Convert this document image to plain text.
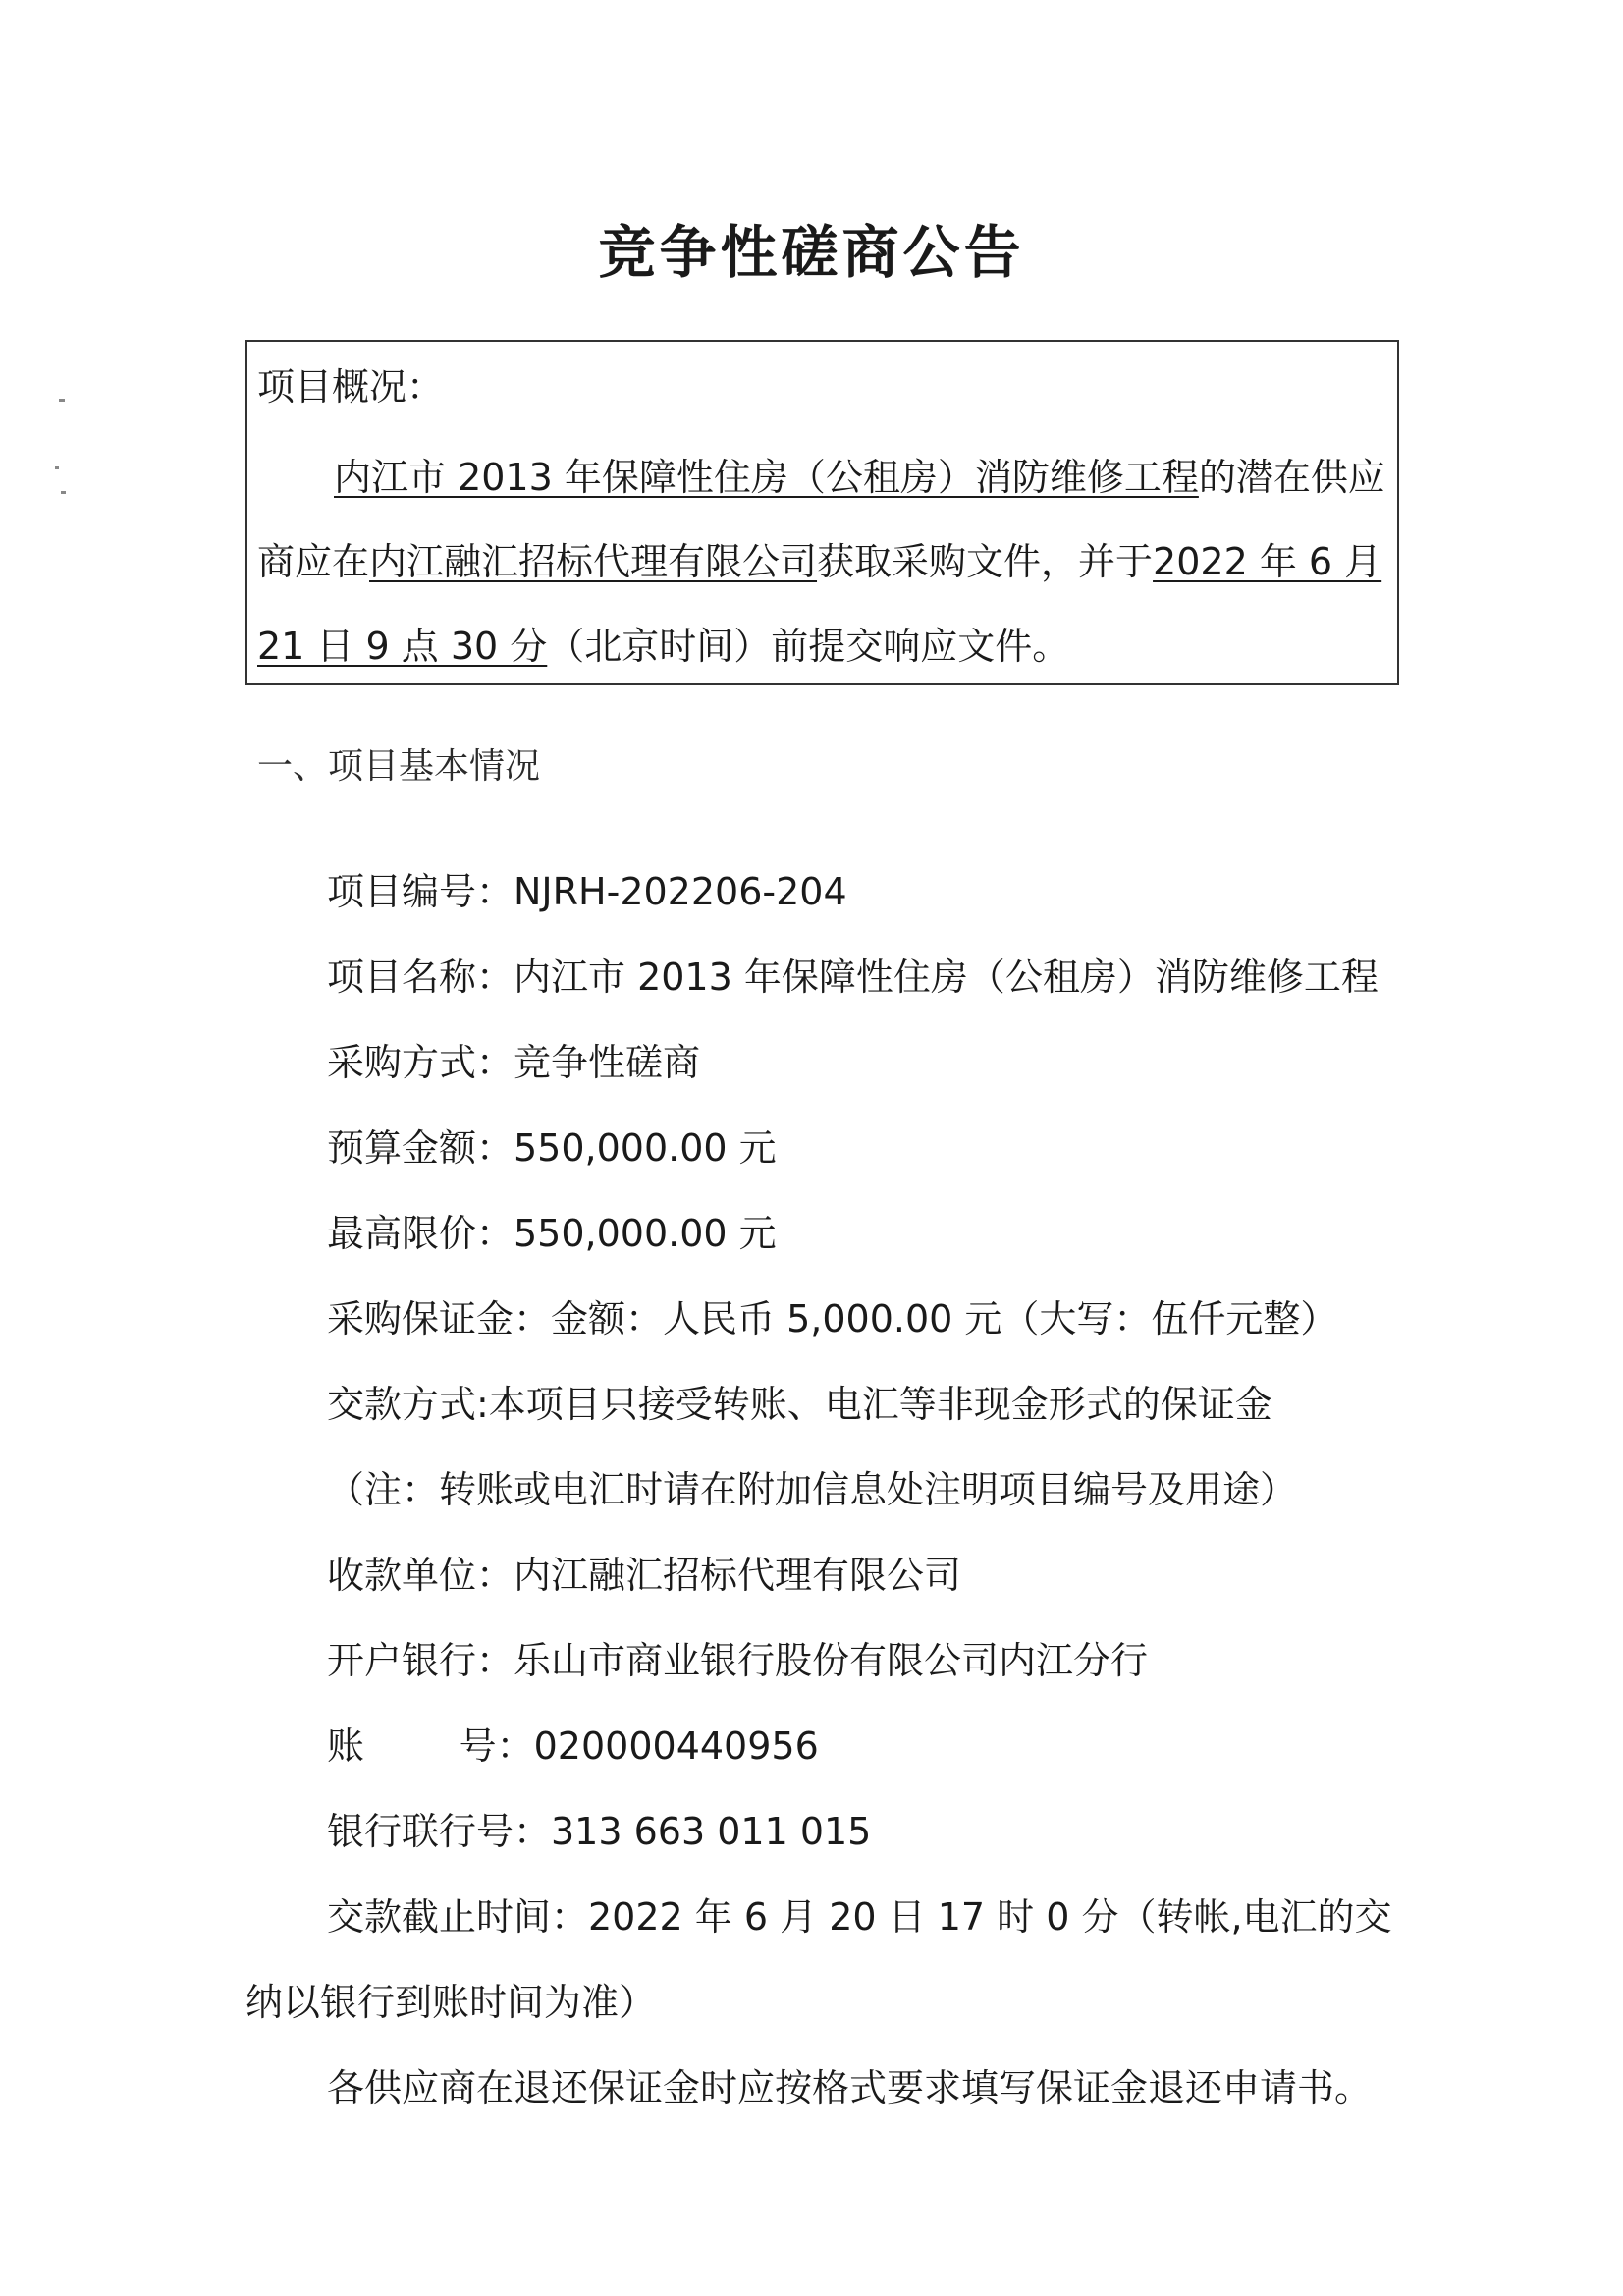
竞争性磋商公告
项目概况：
内江市 2013 年保障性住房（公租房）消防维修工程的潜在供应
商应在内江融汇招标代理有限公司获取采购文件，并于2022 年 6 月
21 日 9 点 30 分（北京时间）前提交响应文件。
一、项目基本情况
项目编号：NJRH-202206-204
项目名称：内江市 2013 年保障性住房（公租房）消防维修工程
采购方式：竞争性磋商
预算金额：550,000.00 元
最高限价：550,000.00 元
采购保证金：金额：人民币 5,000.00 元（大写：伍仟元整）
交款方式:本项目只接受转账、电汇等非现金形式的保证金
（注：转账或电汇时请在附加信息处注明项目编号及用途）
收款单位：内江融汇招标代理有限公司
开户银行：乐山市商业银行股份有限公司内江分行
账        号：020000440956
银行联行号：313 663 011 015
交款截止时间：2022 年 6 月 20 日 17 时 0 分（转帐,电汇的交
纳以银行到账时间为准）
各供应商在退还保证金时应按格式要求填写保证金退还申请书。
